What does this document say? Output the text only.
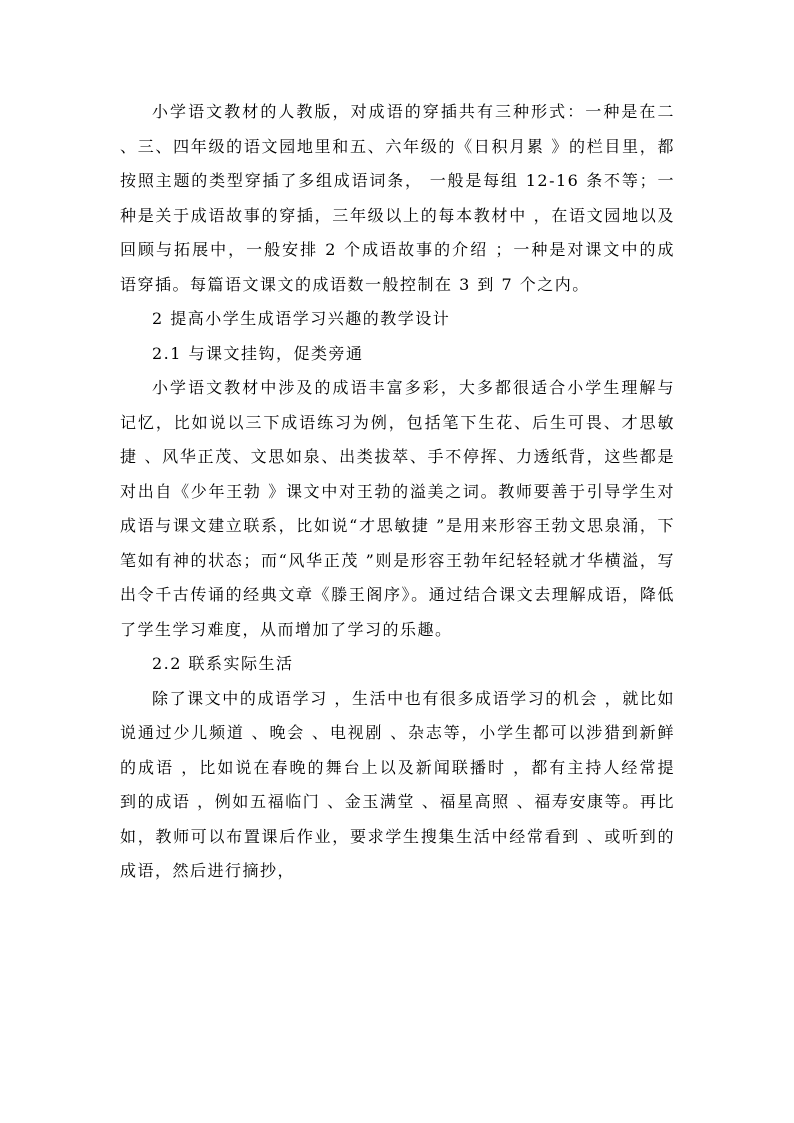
小学语文教材的人教版，对成语的穿插共有三种形式：一种是在二 、三、四年级的语文园地里和五、六年级的《日积月累 》的栏目里，都按照主题的类型穿插了多组成语词条， 一般是每组 12-16 条不等；一种是关于成语故事的穿插，三年级以上的每本教材中 ，在语文园地以及回顾与拓展中，一般安排 2 个成语故事的介绍 ；一种是对课文中的成语穿插。每篇语文课文的成语数一般控制在 3 到 7 个之内。

2 提高小学生成语学习兴趣的教学设计

2.1 与课文挂钩，促类旁通

小学语文教材中涉及的成语丰富多彩，大多都很适合小学生理解与记忆，比如说以三下成语练习为例，包括笔下生花、后生可畏、才思敏捷 、风华正茂、文思如泉、出类拔萃、手不停挥、力透纸背，这些都是对出自《少年王勃 》课文中对王勃的溢美之词。教师要善于引导学生对成语与课文建立联系，比如说“才思敏捷 ”是用来形容王勃文思泉涌，下笔如有神的状态；而“风华正茂 ”则是形容王勃年纪轻轻就才华横溢，写出令千古传诵的经典文章《滕王阁序》。通过结合课文去理解成语，降低了学生学习难度，从而增加了学习的乐趣。

2.2 联系实际生活

除了课文中的成语学习 ，生活中也有很多成语学习的机会 ，就比如说通过少儿频道 、晚会 、电视剧 、杂志等，小学生都可以涉猎到新鲜的成语 ，比如说在春晚的舞台上以及新闻联播时 ，都有主持人经常提到的成语 ，例如五福临门 、金玉满堂 、福星高照 、福寿安康等。再比如，教师可以布置课后作业，要求学生搜集生活中经常看到 、或听到的成语，然后进行摘抄，
